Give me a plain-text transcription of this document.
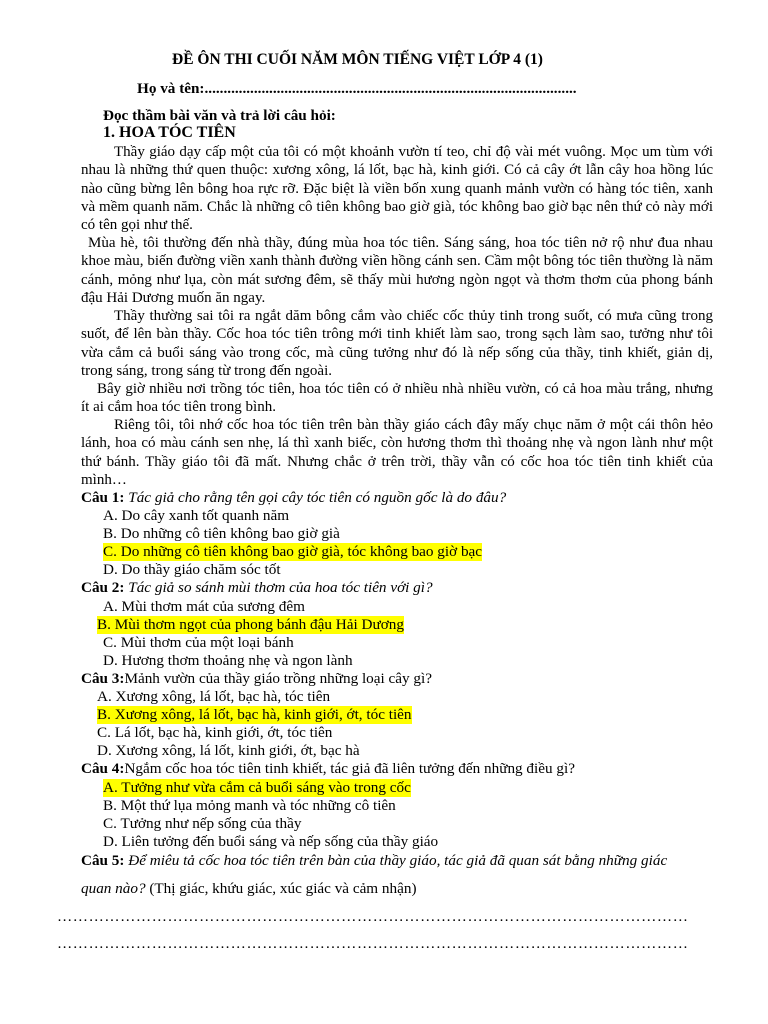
ĐỀ ÔN THI CUỐI NĂM MÔN TIẾNG VIỆT LỚP 4 (1)
Họ và tên:..................................................................................................
Đọc thầm bài văn và trả lời câu hỏi:
1. HOA TÓC TIÊN
Thầy giáo dạy cấp một của tôi có một khoảnh vườn tí teo, chỉ độ vài mét vuông. Mọc um tùm với nhau là những thứ quen thuộc: xương xông, lá lốt, bạc hà, kinh giới. Có cả cây ớt lẫn cây hoa hồng lúc nào cũng bừng lên bông hoa rực rỡ. Đặc biệt là viền bốn xung quanh mảnh vườn có hàng tóc tiên, xanh và mềm quanh năm. Chắc là những cô tiên không bao giờ già, tóc không bao giờ bạc nên thứ cỏ này mới có tên gọi như thế.
Mùa hè, tôi thường đến nhà thầy, đúng mùa hoa tóc tiên. Sáng sáng, hoa tóc tiên nở rộ như đua nhau khoe màu, biến đường viền xanh thành đường viền hồng cánh sen. Cầm một bông tóc tiên thường là năm cánh, mỏng như lụa, còn mát sương đêm, sẽ thấy mùi hương ngòn ngọt và thơm thơm của phong bánh đậu Hải Dương muốn ăn ngay.
Thầy thường sai tôi ra ngắt dăm bông cắm vào chiếc cốc thủy tinh trong suốt, có mưa cũng trong suốt, để lên bàn thầy. Cốc hoa tóc tiên trông mới tinh khiết làm sao, trong sạch làm sao, tưởng như tôi vừa cắm cả buổi sáng vào trong cốc, mà cũng tưởng như đó là nếp sống của thầy, tinh khiết, giản dị, trong sáng, trong sáng từ trong đến ngoài.
Bây giờ nhiều nơi trồng tóc tiên, hoa tóc tiên có ở nhiều nhà nhiều vườn, có cả hoa màu trắng, nhưng ít ai cắm hoa tóc tiên trong bình.
Riêng tôi, tôi nhớ cốc hoa tóc tiên trên bàn thầy giáo cách đây mấy chục năm ở một cái thôn hẻo lánh, hoa có màu cánh sen nhẹ, lá thì xanh biếc, còn hương thơm thì thoảng nhẹ và ngon lành như một thứ bánh. Thầy giáo tôi đã mất. Nhưng chắc ở trên trời, thầy vẫn có cốc hoa tóc tiên tinh khiết của mình…
Câu 1: Tác giả cho rằng tên gọi cây tóc tiên có nguồn gốc là do đâu?
A. Do cây xanh tốt quanh năm
B. Do những cô tiên không bao giờ già
C. Do những cô tiên không bao giờ già, tóc không bao giờ bạc
D. Do thầy giáo chăm sóc tốt
Câu 2: Tác giả so sánh mùi thơm của hoa tóc tiên với gì?
A. Mùi thơm mát của sương đêm
B. Mùi thơm ngọt của phong bánh đậu Hải Dương
C. Mùi thơm của một loại bánh
D. Hương thơm thoảng nhẹ và ngon lành
Câu 3:Mảnh vườn của thầy giáo trồng những loại cây gì?
A. Xương xông, lá lốt, bạc hà, tóc tiên
B. Xương xông, lá lốt, bạc hà, kinh giới, ớt, tóc tiên
C. Lá lốt, bạc hà, kinh giới, ớt, tóc tiên
D. Xương xông, lá lốt, kinh giới, ớt, bạc hà
Câu 4:Ngắm cốc hoa tóc tiên tinh khiết, tác giả đã liên tưởng đến những điều gì?
A. Tưởng như vừa cắm cả buổi sáng vào trong cốc
B. Một thứ lụa mỏng manh và tóc những cô tiên
C. Tưởng như nếp sống của thầy
D. Liên tưởng đến buổi sáng và nếp sống của thầy giáo
Câu 5: Để miêu tả cốc hoa tóc tiên trên bàn của thầy giáo, tác giả đã quan sát bằng những giác
quan nào? (Thị giác, khứu giác, xúc giác và cảm nhận)
…………………………………………………………………………………………………………
…………………………………………………………………………………………………………
